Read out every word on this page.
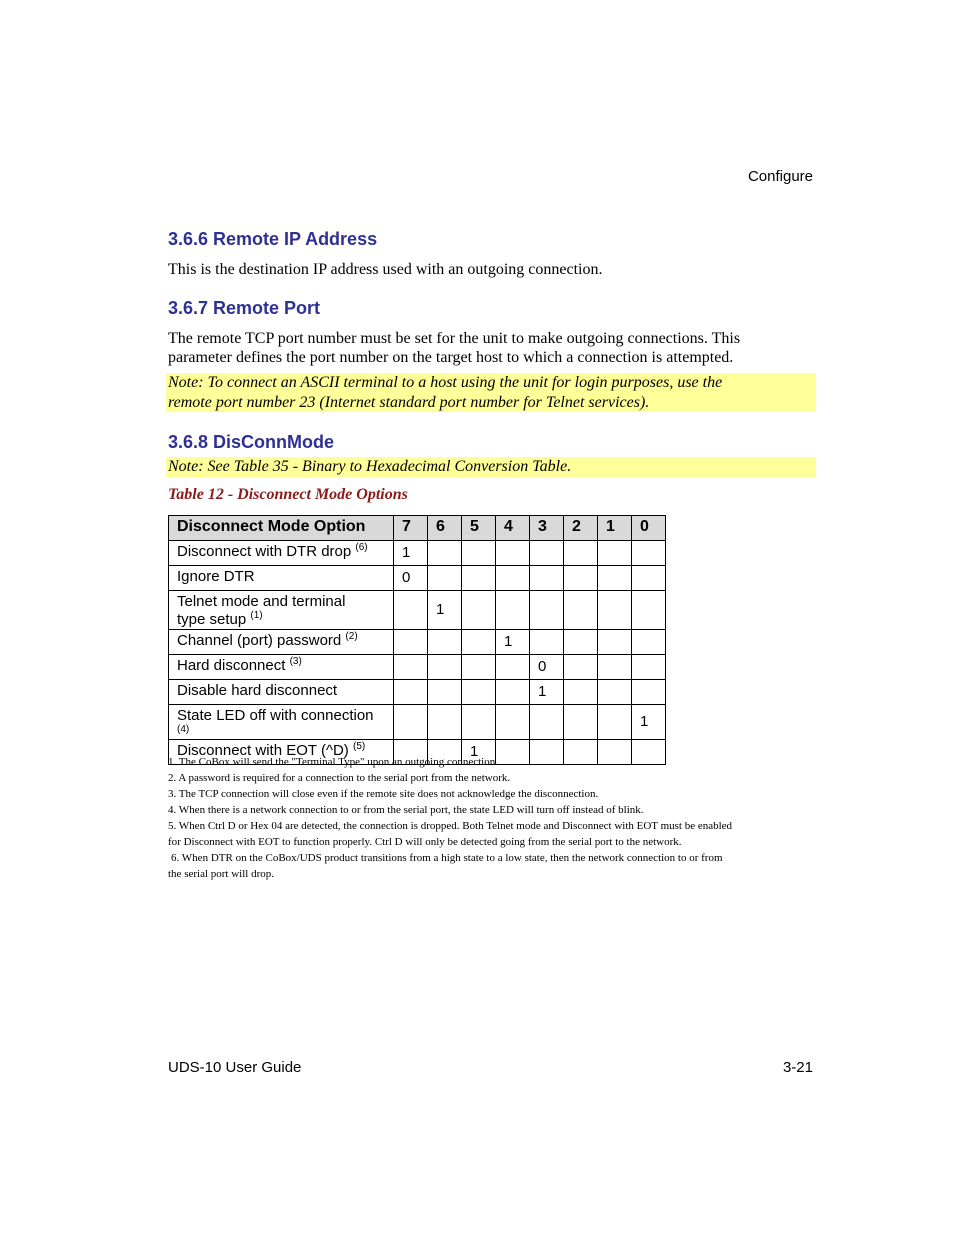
Configure
3.6.6 Remote IP Address

This is the destination IP address used with an outgoing connection.

3.6.7 Remote Port

The remote TCP port number must be set for the unit to make outgoing connections. This
parameter defines the port number on the target host to which a connection is attempted.

Note: To connect an ASCII terminal to a host using the unit for login purposes, use the
remote port number 23 (Internet standard port number for Telnet services).
3.6.8 DisConnMode
Note: See Table 35 - Binary to Hexadecimal Conversion Table.
Table 12 - Disconnect Mode Options
Disconnect Mode Option	7	6	5	4	3	2	1	0
Disconnect with DTR drop $^{(6)}$	1							
Ignore DTR	0							
Telnet mode and terminal
type setup $^{(1)}$		1						
Channel (port) password $^{(2)}$				1				
Hard disconnect $^{(3)}$					0			
Disable hard disconnect					1			
State LED off with connection
(4)								1
Disconnect with EOT (^D) $^{(5)}$			1					

1. The CoBox will send the "Terminal Type" upon an outgoing connection.

2. A password is required for a connection to the serial port from the network.

3. The TCP connection will close even if the remote site does not acknowledge the disconnection.

4. When there is a network connection to or from the serial port, the state LED will turn off instead of blink.

5. When Ctrl D or Hex 04 are detected, the connection is dropped. Both Telnet mode and Disconnect with EOT must be enabled

for Disconnect with EOT to function properly. Ctrl D will only be detected going from the serial port to the network.

6. When DTR on the CoBox/UDS product transitions from a high state to a low state, then the network connection to or from

the serial port will drop.

UDS-10 User Guide	3-21
